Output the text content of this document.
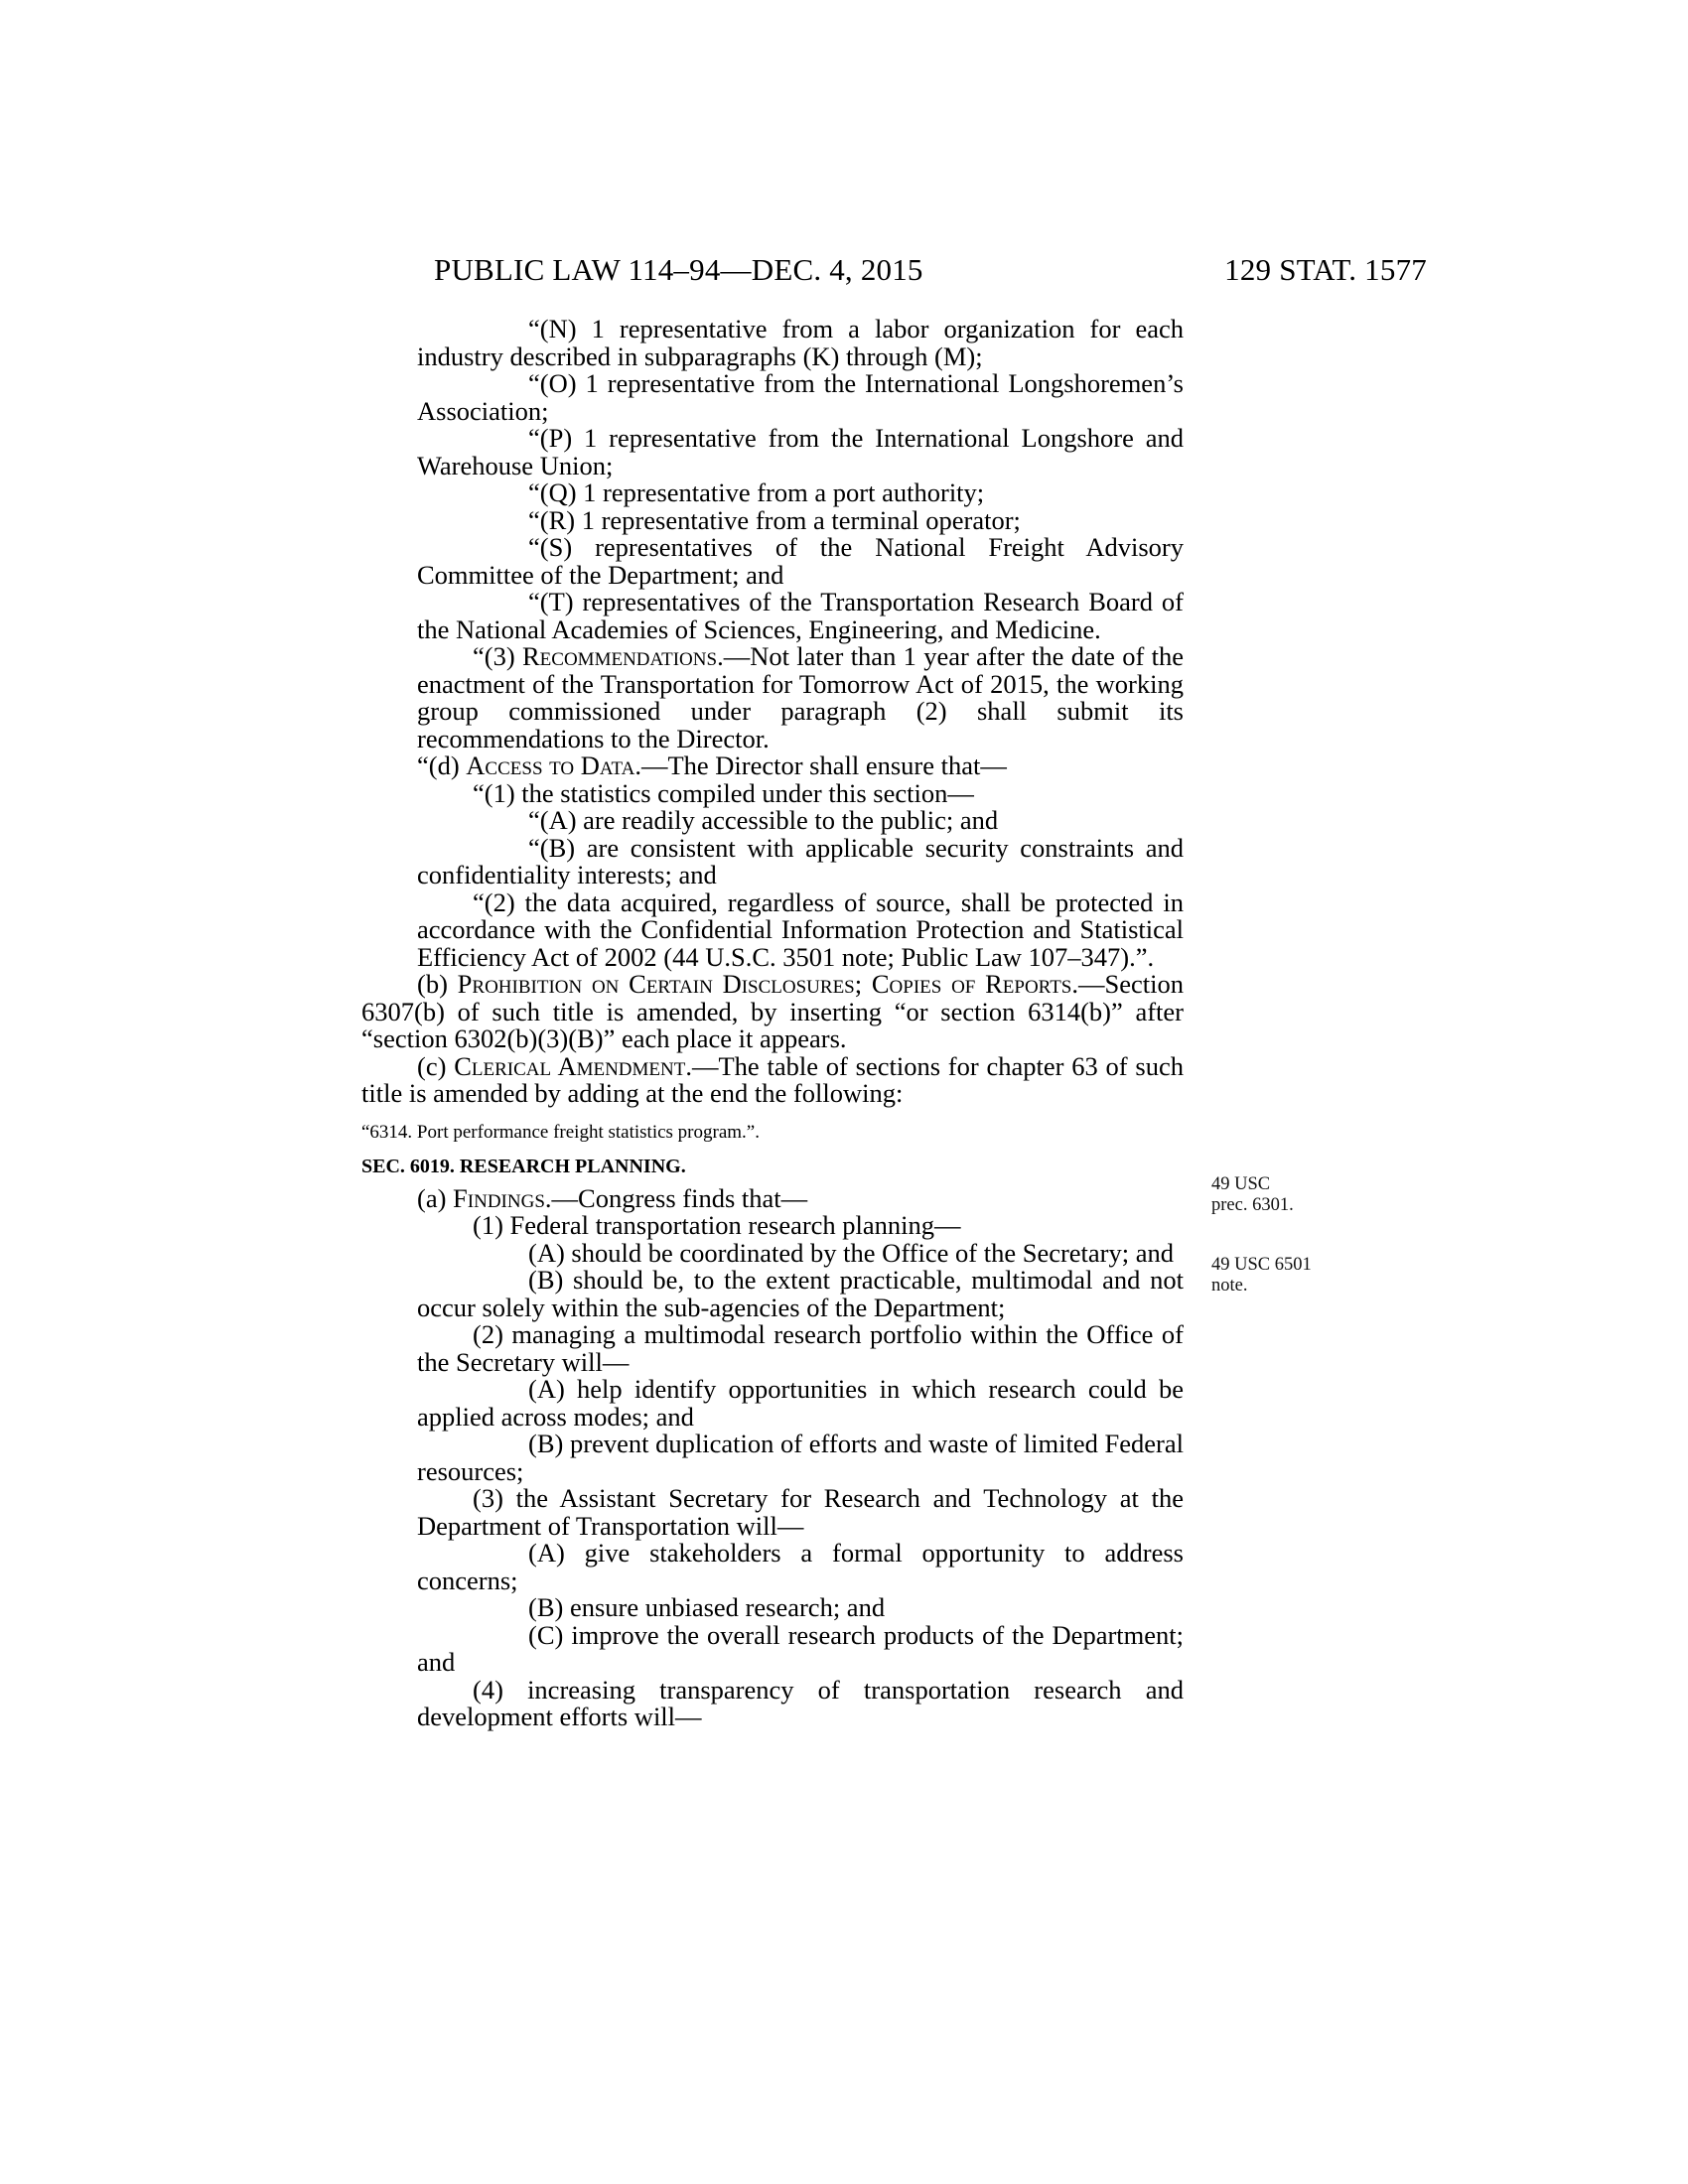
PUBLIC LAW 114–94—DEC. 4, 2015	129 STAT. 1577
49 USC
prec. 6301.
49 USC 6501
note.

“(N) 1 representative from a labor organization for each industry described in subparagraphs (K) through (M);

“(O) 1 representative from the International Longshoremen’s Association;

“(P) 1 representative from the International Longshore and Warehouse Union;

“(Q) 1 representative from a port authority;

“(R) 1 representative from a terminal operator;

“(S) representatives of the National Freight Advisory Committee of the Department; and

“(T) representatives of the Transportation Research Board of the National Academies of Sciences, Engineering, and Medicine.

“(3) Recommendations.—Not later than 1 year after the date of the enactment of the Transportation for Tomorrow Act of 2015, the working group commissioned under paragraph (2) shall submit its recommendations to the Director.

“(d) Access to Data.—The Director shall ensure that—

“(1) the statistics compiled under this section—

“(A) are readily accessible to the public; and

“(B) are consistent with applicable security constraints and confidentiality interests; and

“(2) the data acquired, regardless of source, shall be protected in accordance with the Confidential Information Protection and Statistical Efficiency Act of 2002 (44 U.S.C. 3501 note; Public Law 107–347).”.

(b) Prohibition on Certain Disclosures; Copies of Reports.—Section 6307(b) of such title is amended, by inserting “or section 6314(b)” after “section 6302(b)(3)(B)” each place it appears.

(c) Clerical Amendment.—The table of sections for chapter 63 of such title is amended by adding at the end the following:

“6314. Port performance freight statistics program.”.

SEC. 6019. RESEARCH PLANNING.

(a) Findings.—Congress finds that—

(1) Federal transportation research planning—

(A) should be coordinated by the Office of the Secretary; and

(B) should be, to the extent practicable, multimodal and not occur solely within the sub-agencies of the Department;

(2) managing a multimodal research portfolio within the Office of the Secretary will—

(A) help identify opportunities in which research could be applied across modes; and

(B) prevent duplication of efforts and waste of limited Federal resources;

(3) the Assistant Secretary for Research and Technology at the Department of Transportation will—

(A) give stakeholders a formal opportunity to address concerns;

(B) ensure unbiased research; and

(C) improve the overall research products of the Department; and

(4) increasing transparency of transportation research and development efforts will—
